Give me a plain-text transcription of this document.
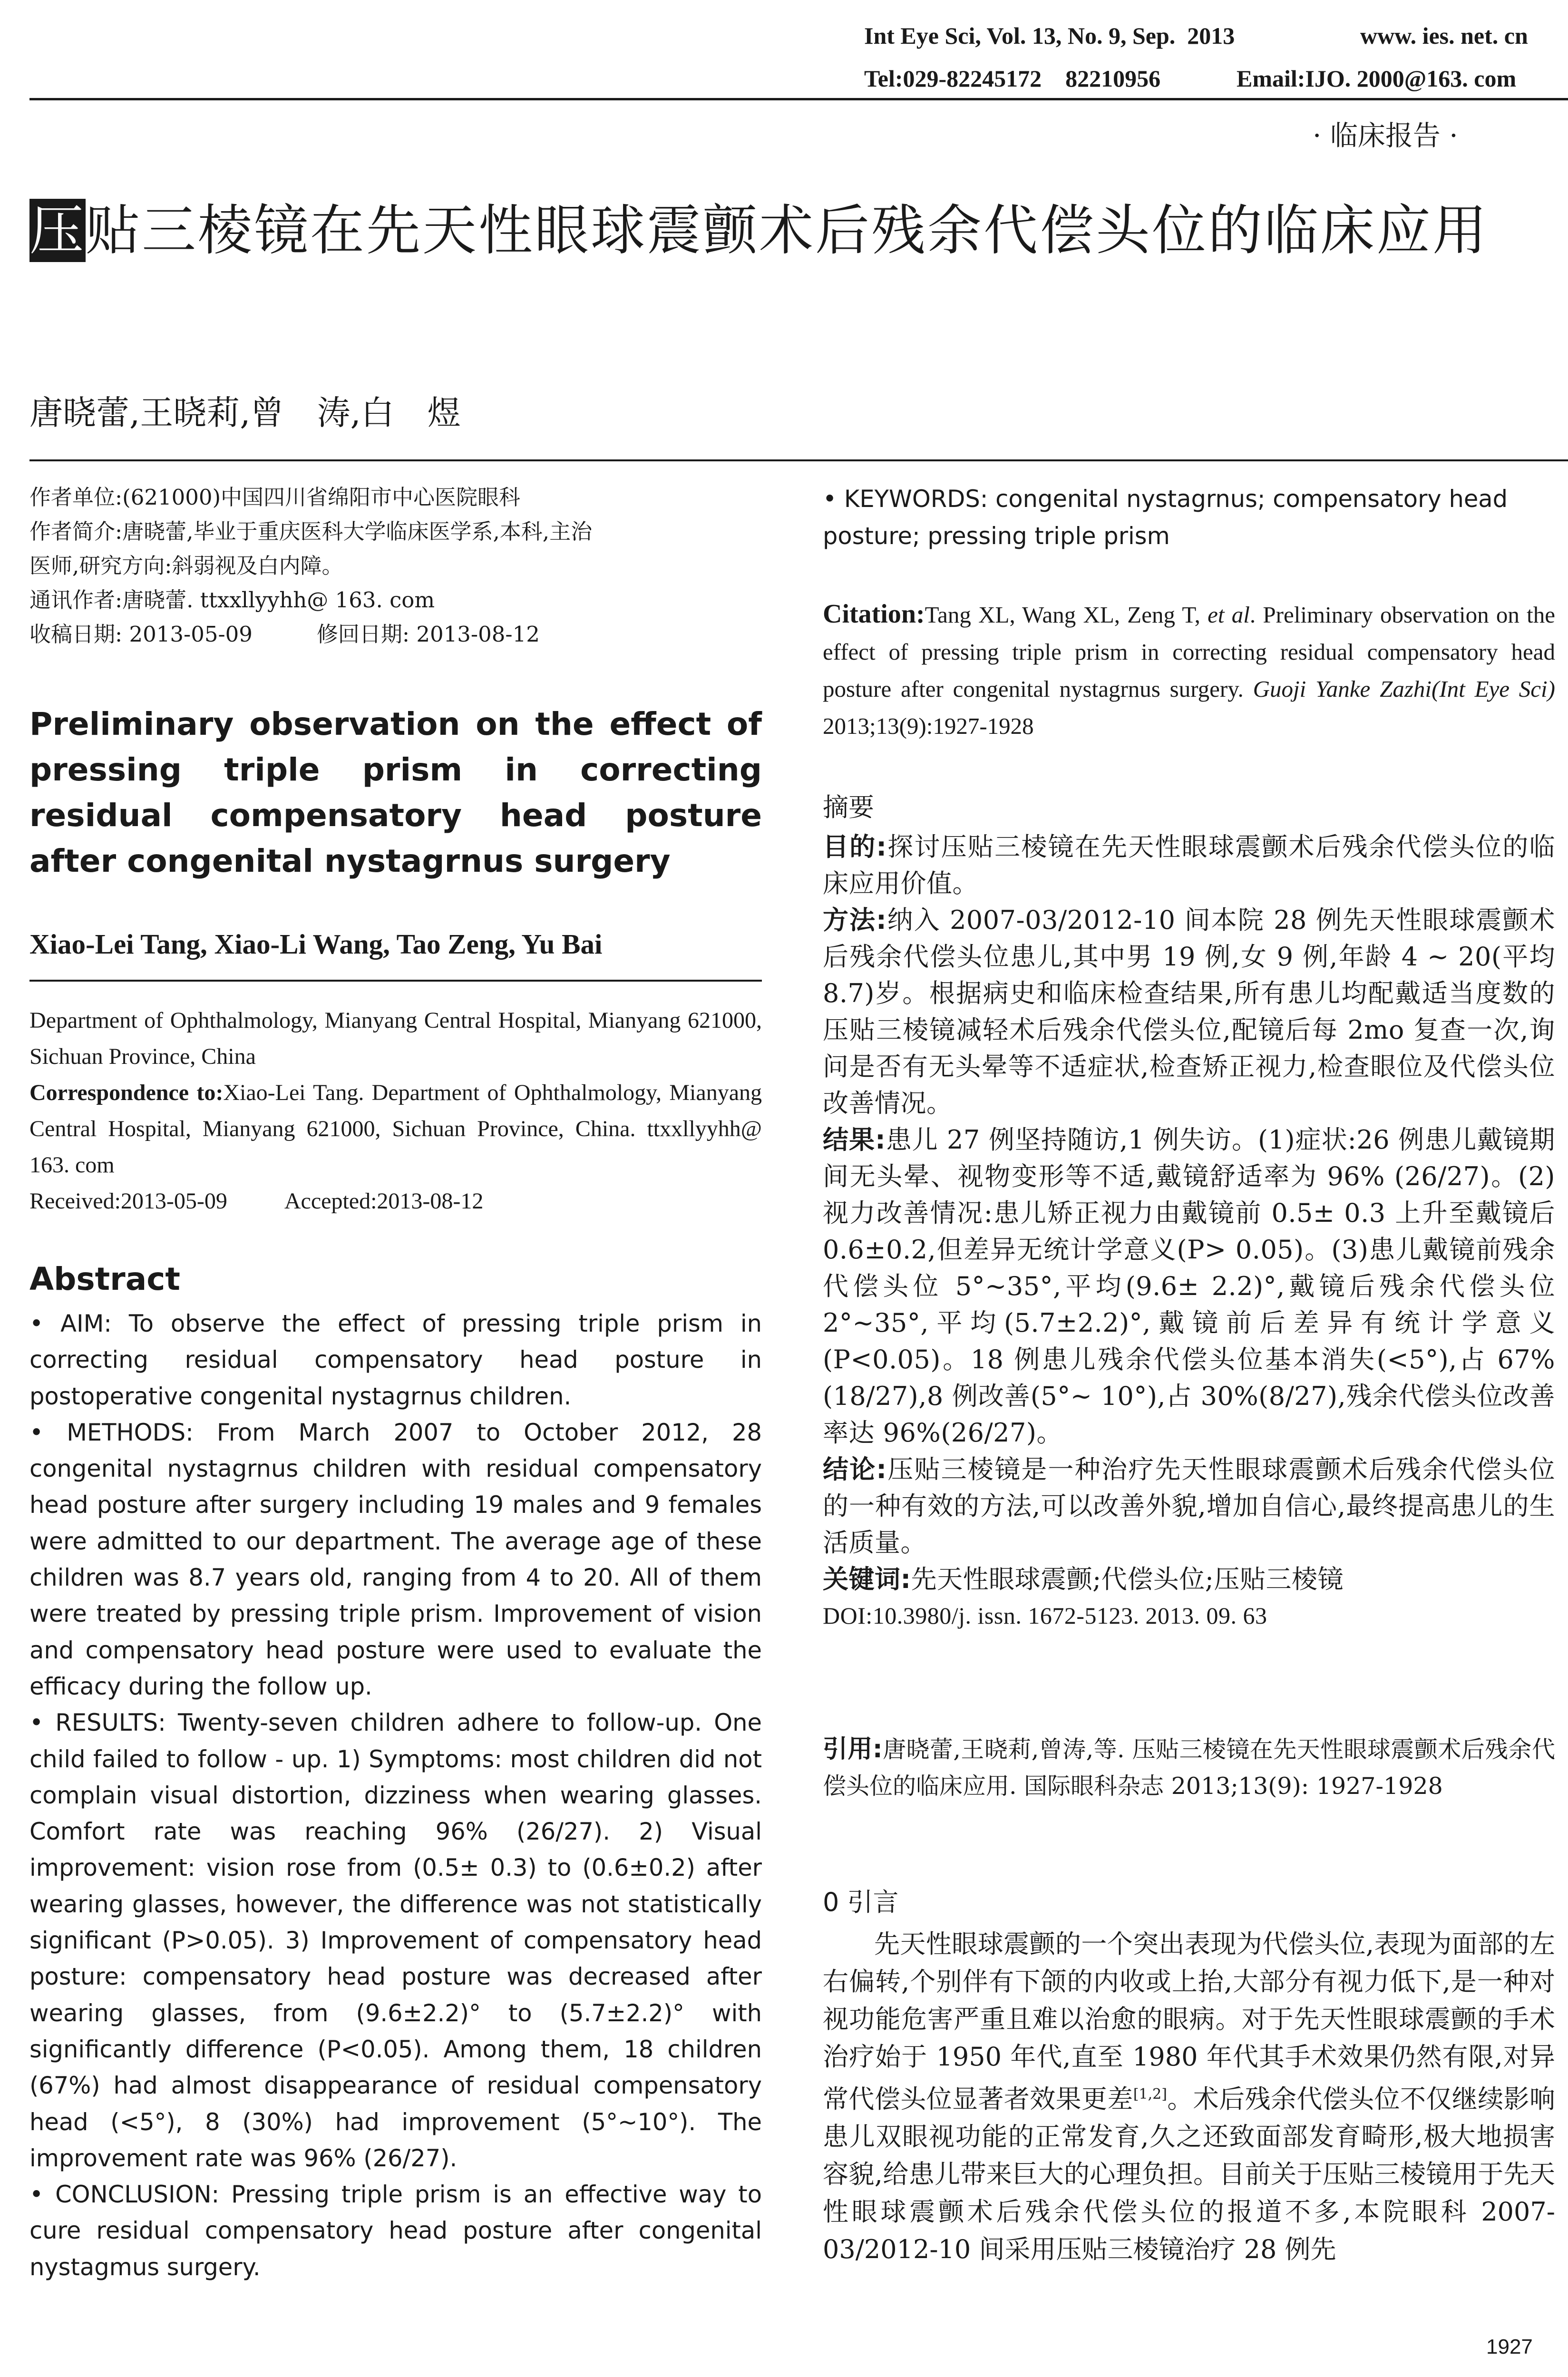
Int Eye Sci, Vol. 13, No. 9, Sep.  2013	www. ies. net. cn
Tel:029-82245172    82210956	Email:IJO. 2000@163. com
· 临床报告 ·
压贴三棱镜在先天性眼球震颤术后残余代偿头位的临床应用
唐晓蕾,王晓莉,曾　涛,白　煜
作者单位:(621000)中国四川省绵阳市中心医院眼科
作者简介:唐晓蕾,毕业于重庆医科大学临床医学系,本科,主治
医师,研究方向:斜弱视及白内障。
通讯作者:唐晓蕾. ttxxllyyhh@ 163. com
收稿日期: 2013-05-09　　　修回日期: 2013-08-12
Preliminary observation on the effect of pressing triple prism in correcting residual compensatory head posture after congenital nystagrnus surgery
Xiao-Lei Tang, Xiao-Li Wang, Tao Zeng, Yu Bai
Department of Ophthalmology, Mianyang Central Hospital, Mianyang 621000, Sichuan Province, China
Correspondence to:Xiao-Lei Tang. Department of Ophthalmology, Mianyang Central Hospital, Mianyang 621000, Sichuan Province, China. ttxxllyyhh@ 163. com
Received:2013-05-09	Accepted:2013-08-12
Abstract

• AIM: To observe the effect of pressing triple prism in correcting residual compensatory head posture in postoperative congenital nystagrnus children.

• METHODS: From March 2007 to October 2012, 28 congenital nystagrnus children with residual compensatory head posture after surgery including 19 males and 9 females were admitted to our department. The average age of these children was 8.7 years old, ranging from 4 to 20. All of them were treated by pressing triple prism. Improvement of vision and compensatory head posture were used to evaluate the efficacy during the follow up.

• RESULTS: Twenty-seven children adhere to follow-up. One child failed to follow - up. 1) Symptoms: most children did not complain visual distortion, dizziness when wearing glasses. Comfort rate was reaching 96% (26/27). 2) Visual improvement: vision rose from (0.5± 0.3) to (0.6±0.2) after wearing glasses, however, the difference was not statistically significant (P>0.05). 3) Improvement of compensatory head posture: compensatory head posture was decreased after wearing glasses, from (9.6±2.2)° to (5.7±2.2)° with significantly difference (P<0.05). Among them, 18 children (67%) had almost disappearance of residual compensatory head (<5°), 8 (30%) had improvement (5°~10°). The improvement rate was 96% (26/27).

• CONCLUSION: Pressing triple prism is an effective way to cure residual compensatory head posture after congenital nystagmus surgery.

• KEYWORDS: congenital nystagrnus; compensatory head posture; pressing triple prism
Citation:Tang XL, Wang XL, Zeng T, et al. Preliminary observation on the effect of pressing triple prism in correcting residual compensatory head posture after congenital nystagrnus surgery. Guoji Yanke Zazhi(Int Eye Sci) 2013;13(9):1927-1928
摘要

目的:探讨压贴三棱镜在先天性眼球震颤术后残余代偿头位的临床应用价值。

方法:纳入 2007-03/2012-10 间本院 28 例先天性眼球震颤术后残余代偿头位患儿,其中男 19 例,女 9 例,年龄 4 ~ 20(平均 8.7)岁。根据病史和临床检查结果,所有患儿均配戴适当度数的压贴三棱镜减轻术后残余代偿头位,配镜后每 2mo 复查一次,询问是否有无头晕等不适症状,检查矫正视力,检查眼位及代偿头位改善情况。

结果:患儿 27 例坚持随访,1 例失访。(1)症状:26 例患儿戴镜期间无头晕、视物变形等不适,戴镜舒适率为 96% (26/27)。(2)视力改善情况:患儿矫正视力由戴镜前 0.5± 0.3 上升至戴镜后 0.6±0.2,但差异无统计学意义(P> 0.05)。(3)患儿戴镜前残余代偿头位 5°~35°,平均(9.6± 2.2)°,戴镜后残余代偿头位 2°~35°,平均(5.7±2.2)°,戴镜前后差异有统计学意义(P<0.05)。18 例患儿残余代偿头位基本消失(<5°),占 67%(18/27),8 例改善(5°~ 10°),占 30%(8/27),残余代偿头位改善率达 96%(26/27)。

结论:压贴三棱镜是一种治疗先天性眼球震颤术后残余代偿头位的一种有效的方法,可以改善外貌,增加自信心,最终提高患儿的生活质量。

关键词:先天性眼球震颤;代偿头位;压贴三棱镜

DOI:10.3980/j. issn. 1672-5123. 2013. 09. 63

引用:唐晓蕾,王晓莉,曾涛,等. 压贴三棱镜在先天性眼球震颤术后残余代偿头位的临床应用. 国际眼科杂志 2013;13(9): 1927-1928
0 引言
先天性眼球震颤的一个突出表现为代偿头位,表现为面部的左右偏转,个别伴有下颌的内收或上抬,大部分有视力低下,是一种对视功能危害严重且难以治愈的眼病。对于先天性眼球震颤的手术治疗始于 1950 年代,直至 1980 年代其手术效果仍然有限,对异常代偿头位显著者效果更差[1,2]。术后残余代偿头位不仅继续影响患儿双眼视功能的正常发育,久之还致面部发育畸形,极大地损害容貌,给患儿带来巨大的心理负担。目前关于压贴三棱镜用于先天性眼球震颤术后残余代偿头位的报道不多,本院眼科 2007-03/2012-10 间采用压贴三棱镜治疗 28 例先
1927
